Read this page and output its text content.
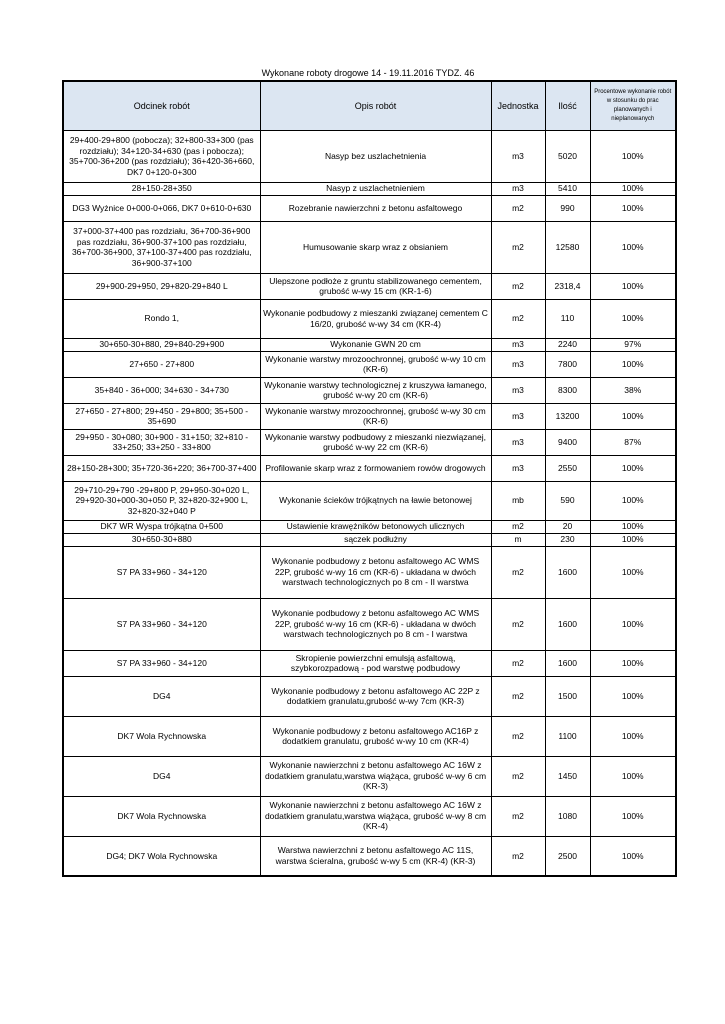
Wykonane roboty drogowe 14 - 19.11.2016 TYDZ. 46
Odcinek robót	Opis robót	Jednostka	Ilość	Procentowe wykonanie robót w stosunku do prac planowanych i nieplanowanych
29+400-29+800 (pobocza); 32+800-33+300 (pas rozdziału); 34+120-34+630 (pas i pobocza); 35+700-36+200 (pas rozdziału); 36+420-36+660, DK7 0+120-0+300	Nasyp bez uszlachetnienia	m3	5020	100%
28+150-28+350	Nasyp z uszlachetnieniem	m3	5410	100%
DG3 Wyżnice 0+000-0+066, DK7 0+610-0+630	Rozebranie nawierzchni z betonu asfaltowego	m2	990	100%
37+000-37+400 pas rozdziału, 36+700-36+900 pas rozdziału, 36+900-37+100 pas rozdziału, 36+700-36+900, 37+100-37+400 pas rozdziału, 36+900-37+100	Humusowanie skarp wraz z obsianiem	m2	12580	100%
29+900-29+950, 29+820-29+840 L	Ulepszone podłoże z gruntu stabilizowanego cementem, grubość w-wy 15 cm (KR-1-6)	m2	2318,4	100%
Rondo 1,	Wykonanie podbudowy z mieszanki związanej cementem C 16/20, grubość w-wy 34 cm (KR-4)	m2	110	100%
30+650-30+880, 29+840-29+900	Wykonanie GWN 20 cm	m3	2240	97%
27+650 - 27+800	Wykonanie warstwy mrozoochronnej, grubość w-wy 10 cm (KR-6)	m3	7800	100%
35+840 - 36+000; 34+630 - 34+730	Wykonanie warstwy technologicznej z kruszywa łamanego, grubość w-wy 20 cm (KR-6)	m3	8300	38%
27+650 - 27+800; 29+450 - 29+800; 35+500 - 35+690	Wykonanie warstwy mrozoochronnej, grubość w-wy 30 cm (KR-6)	m3	13200	100%
29+950 - 30+080; 30+900 - 31+150; 32+810 - 33+250; 33+250 - 33+800	Wykonanie warstwy podbudowy z mieszanki niezwiązanej, grubość w-wy 22 cm (KR-6)	m3	9400	87%
28+150-28+300; 35+720-36+220; 36+700-37+400	Profilowanie skarp wraz z formowaniem rowów drogowych	m3	2550	100%
29+710-29+790 -29+800 P, 29+950-30+020 L, 29+920-30+000-30+050 P, 32+820-32+900 L, 32+820-32+040 P	Wykonanie ścieków trójkątnych na ławie betonowej	mb	590	100%
DK7 WR Wyspa trójkątna 0+500	Ustawienie krawężników betonowych ulicznych	m2	20	100%
30+650-30+880	sączek podłużny	m	230	100%
S7 PA 33+960 - 34+120	Wykonanie podbudowy z betonu asfaltowego AC WMS 22P, grubość w-wy 16 cm (KR-6) - układana w dwóch warstwach technologicznych po 8 cm - II warstwa	m2	1600	100%
S7 PA 33+960 - 34+120	Wykonanie podbudowy z betonu asfaltowego AC WMS 22P, grubość w-wy 16 cm (KR-6) - układana w dwóch warstwach technologicznych po 8 cm - I warstwa	m2	1600	100%
S7 PA 33+960 - 34+120	Skropienie powierzchni emulsją asfaltową, szybkorozpadową - pod warstwę podbudowy	m2	1600	100%
DG4	Wykonanie podbudowy z betonu asfaltowego AC 22P z dodatkiem granulatu,grubość w-wy 7cm (KR-3)	m2	1500	100%
DK7 Wola Rychnowska	Wykonanie podbudowy z betonu asfaltowego AC16P z dodatkiem granulatu, grubość w-wy 10 cm (KR-4)	m2	1100	100%
DG4	Wykonanie nawierzchni z betonu asfaltowego AC 16W z dodatkiem granulatu,warstwa wiążąca, grubość w-wy 6 cm (KR-3)	m2	1450	100%
DK7 Wola Rychnowska	Wykonanie nawierzchni z betonu asfaltowego AC 16W z dodatkiem granulatu,warstwa wiążąca, grubość w-wy 8 cm (KR-4)	m2	1080	100%
DG4; DK7 Wola Rychnowska	Warstwa nawierzchni z betonu asfaltowego AC 11S, warstwa ścieralna, grubość w-wy 5 cm (KR-4) (KR-3)	m2	2500	100%
